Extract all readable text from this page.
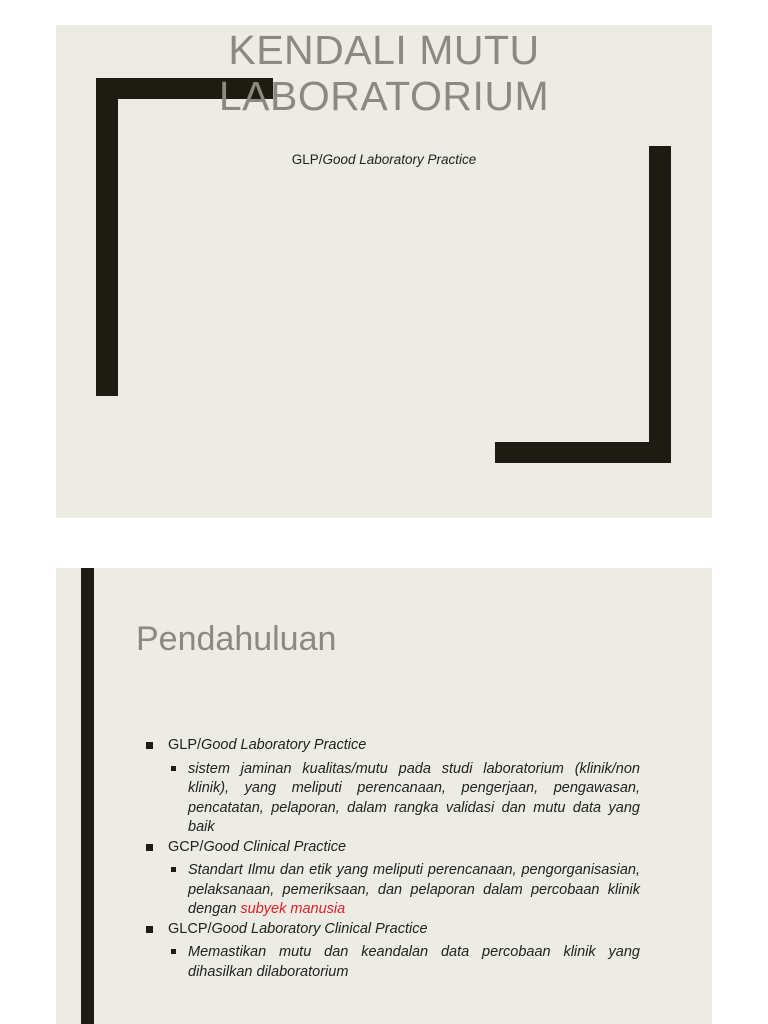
KENDALI MUTU
LABORATORIUM
GLP/Good Laboratory Practice
Pendahuluan
GLP/Good Laboratory Practice
sistem jaminan kualitas/mutu pada studi laboratorium (klinik/non klinik), yang meliputi perencanaan, pengerjaan, pengawasan, pencatatan, pelaporan, dalam rangka validasi dan mutu data yang baik
GCP/Good Clinical Practice
Standart Ilmu dan etik yang meliputi perencanaan, pengorganisasian, pelaksanaan, pemeriksaan, dan pelaporan dalam percobaan klinik dengan subyek manusia
GLCP/Good Laboratory Clinical Practice
Memastikan mutu dan keandalan data percobaan klinik yang dihasilkan dilaboratorium
